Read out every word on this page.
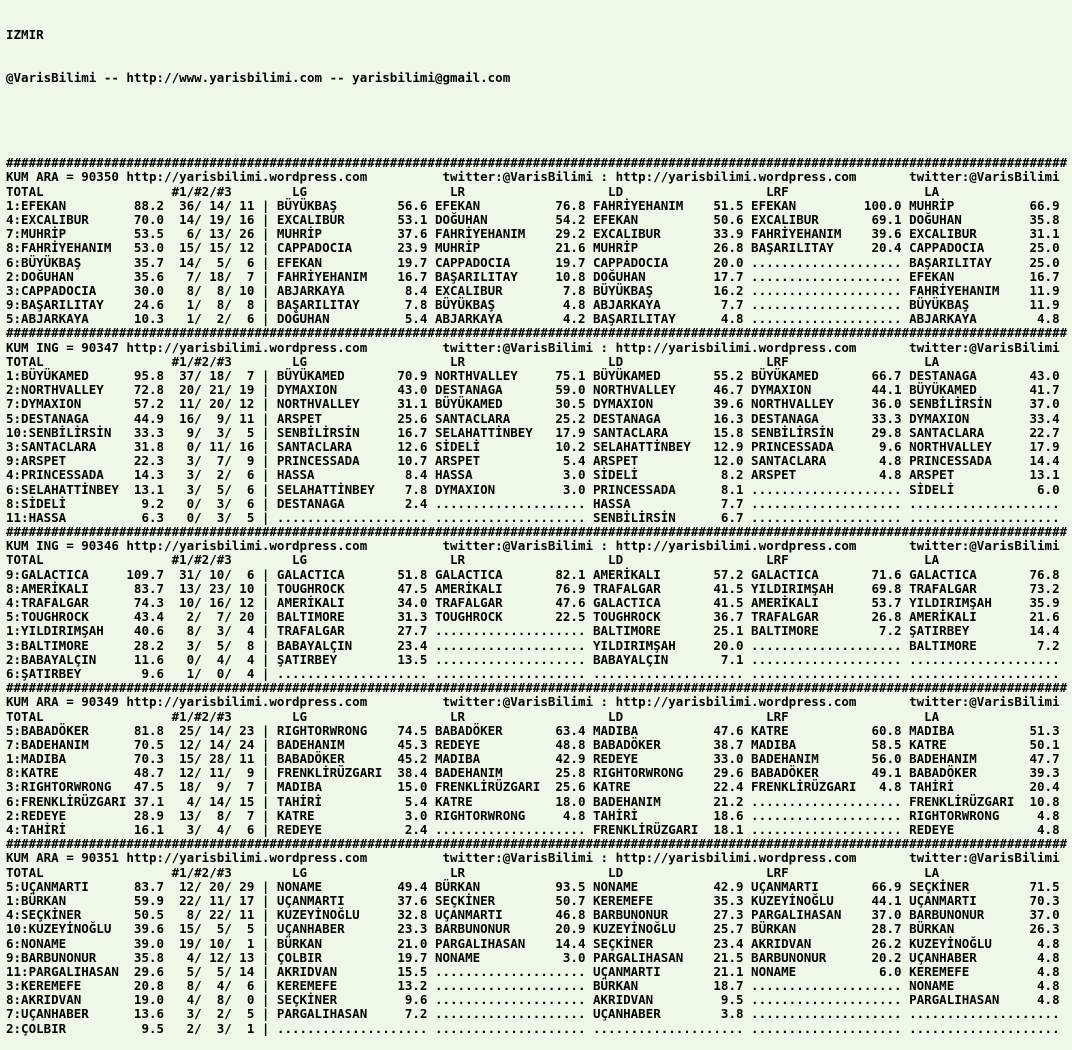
IZMIR

@VarisBilimi -- http://www.yarisbilimi.com -- yarisbilimi@gmail.com

#############################################################################################################################################
KUM ARA = 90350 http://yarisbilimi.wordpress.com          twitter:@VarisBilimi : http://yarisbilimi.wordpress.com       twitter:@VarisBilimi
TOTAL                 #1/#2/#3        LG                   LR                   LD                   LRF                  LA
1:EFEKAN         88.2  36/ 14/ 11 | BÜYÜKBAŞ        56.6 EFEKAN          76.8 FAHRİYEHANIM    51.5 EFEKAN         100.0 MUHRİP          66.9
4:EXCALIBUR      70.0  14/ 19/ 16 | EXCALIBUR       53.1 DOĞUHAN         54.2 EFEKAN          50.6 EXCALIBUR       69.1 DOĞUHAN         35.8
7:MUHRİP         53.5   6/ 13/ 26 | MUHRİP          37.6 FAHRİYEHANIM    29.2 EXCALIBUR       33.9 FAHRİYEHANIM    39.6 EXCALIBUR       31.1
8:FAHRİYEHANIM   53.0  15/ 15/ 12 | CAPPADOCIA      23.9 MUHRİP          21.6 MUHRİP          26.8 BAŞARILITAY     20.4 CAPPADOCIA      25.0
6:BÜYÜKBAŞ       35.7  14/  5/  6 | EFEKAN          19.7 CAPPADOCIA      19.7 CAPPADOCIA      20.0 .................... BAŞARILITAY     25.0
2:DOĞUHAN        35.6   7/ 18/  7 | FAHRİYEHANIM    16.7 BAŞARILITAY     10.8 DOĞUHAN         17.7 .................... EFEKAN          16.7
3:CAPPADOCIA     30.0   8/  8/ 10 | ABJARKAYA        8.4 EXCALIBUR        7.8 BÜYÜKBAŞ        16.2 .................... FAHRİYEHANIM    11.9
9:BAŞARILITAY    24.6   1/  8/  8 | BAŞARILITAY      7.8 BÜYÜKBAŞ         4.8 ABJARKAYA        7.7 .................... BÜYÜKBAŞ        11.9
5:ABJARKAYA      10.3   1/  2/  6 | DOĞUHAN          5.4 ABJARKAYA        4.2 BAŞARILITAY      4.8 .................... ABJARKAYA        4.8
#############################################################################################################################################
KUM ING = 90347 http://yarisbilimi.wordpress.com          twitter:@VarisBilimi : http://yarisbilimi.wordpress.com       twitter:@VarisBilimi
TOTAL                 #1/#2/#3        LG                   LR                   LD                   LRF                  LA
1:BÜYÜKAMED      95.8  37/ 18/  7 | BÜYÜKAMED       70.9 NORTHVALLEY     75.1 BÜYÜKAMED       55.2 BÜYÜKAMED       66.7 DESTANAGA       43.0
2:NORTHVALLEY    72.8  20/ 21/ 19 | DYMAXION        43.0 DESTANAGA       59.0 NORTHVALLEY     46.7 DYMAXION        44.1 BÜYÜKAMED       41.7
7:DYMAXION       57.2  11/ 20/ 12 | NORTHVALLEY     31.1 BÜYÜKAMED       30.5 DYMAXION        39.6 NORTHVALLEY     36.0 SENBİLİRSİN     37.0
5:DESTANAGA      44.9  16/  9/ 11 | ARSPET          25.6 SANTACLARA      25.2 DESTANAGA       16.3 DESTANAGA       33.3 DYMAXION        33.4
10:SENBİLİRSİN   33.3   9/  3/  5 | SENBİLİRSİN     16.7 SELAHATTİNBEY   17.9 SANTACLARA      15.8 SENBİLİRSİN     29.8 SANTACLARA      22.7
3:SANTACLARA     31.8   0/ 11/ 16 | SANTACLARA      12.6 SİDELİ          10.2 SELAHATTİNBEY   12.9 PRINCESSADA      9.6 NORTHVALLEY     17.9
9:ARSPET         22.3   3/  7/  9 | PRINCESSADA     10.7 ARSPET           5.4 ARSPET          12.0 SANTACLARA       4.8 PRINCESSADA     14.4
4:PRINCESSADA    14.3   3/  2/  6 | HASSA            8.4 HASSA            3.0 SİDELİ           8.2 ARSPET           4.8 ARSPET          13.1
6:SELAHATTİNBEY  13.1   3/  5/  6 | SELAHATTİNBEY    7.8 DYMAXION         3.0 PRINCESSADA      8.1 .................... SİDELİ           6.0
8:SİDELİ          9.2   0/  3/  6 | DESTANAGA        2.4 .................... HASSA            7.7 .................... ....................
11:HASSA          6.3   0/  3/  5 | .................... .................... SENBİLİRSİN      6.7 .................... ....................
#############################################################################################################################################
KUM ING = 90346 http://yarisbilimi.wordpress.com          twitter:@VarisBilimi : http://yarisbilimi.wordpress.com       twitter:@VarisBilimi
TOTAL                 #1/#2/#3        LG                   LR                   LD                   LRF                  LA
9:GALACTICA     109.7  31/ 10/  6 | GALACTICA       51.8 GALACTICA       82.1 AMERİKALI       57.2 GALACTICA       71.6 GALACTICA       76.8
8:AMERİKALI      83.7  13/ 23/ 10 | TOUGHROCK       47.5 AMERİKALI       76.9 TRAFALGAR       41.5 YILDIRIMŞAH     69.8 TRAFALGAR       73.2
4:TRAFALGAR      74.3  10/ 16/ 12 | AMERİKALI       34.0 TRAFALGAR       47.6 GALACTICA       41.5 AMERİKALI       53.7 YILDIRIMŞAH     35.9
5:TOUGHROCK      43.4   2/  7/ 20 | BALTIMORE       31.3 TOUGHROCK       22.5 TOUGHROCK       36.7 TRAFALGAR       26.8 AMERİKALI       21.6
1:YILDIRIMŞAH    40.6   8/  3/  4 | TRAFALGAR       27.7 .................... BALTIMORE       25.1 BALTIMORE        7.2 ŞATIRBEY        14.4
3:BALTIMORE      28.2   3/  5/  8 | BABAYALÇIN      23.4 .................... YILDIRIMŞAH     20.0 .................... BALTIMORE        7.2
2:BABAYALÇIN     11.6   0/  4/  4 | ŞATIRBEY        13.5 .................... BABAYALÇIN       7.1 .................... ....................
6:ŞATIRBEY        9.6   1/  0/  4 | .................... .................... .................... .................... ....................
#############################################################################################################################################
KUM ARA = 90349 http://yarisbilimi.wordpress.com          twitter:@VarisBilimi : http://yarisbilimi.wordpress.com       twitter:@VarisBilimi
TOTAL                 #1/#2/#3        LG                   LR                   LD                   LRF                  LA
5:BABADÖKER      81.8  25/ 14/ 23 | RIGHTORWRONG    74.5 BABADÖKER       63.4 MADIBA          47.6 KATRE           60.8 MADIBA          51.3
7:BADEHANIM      70.5  12/ 14/ 24 | BADEHANIM       45.3 REDEYE          48.8 BABADÖKER       38.7 MADIBA          58.5 KATRE           50.1
1:MADIBA         70.3  15/ 28/ 11 | BABADÖKER       45.2 MADIBA          42.9 REDEYE          33.0 BADEHANIM       56.0 BADEHANIM       47.7
8:KATRE          48.7  12/ 11/  9 | FRENKLİRÜZGARI  38.4 BADEHANIM       25.8 RIGHTORWRONG    29.6 BABADÖKER       49.1 BABADÖKER       39.3
3:RIGHTORWRONG   47.5  18/  9/  7 | MADIBA          15.0 FRENKLİRÜZGARI  25.6 KATRE           22.4 FRENKLİRÜZGARI   4.8 TAHİRİ          20.4
6:FRENKLİRÜZGARI 37.1   4/ 14/ 15 | TAHİRİ           5.4 KATRE           18.0 BADEHANIM       21.2 .................... FRENKLİRÜZGARI  10.8
2:REDEYE         28.9  13/  8/  7 | KATRE            3.0 RIGHTORWRONG     4.8 TAHİRİ          18.6 .................... RIGHTORWRONG     4.8
4:TAHİRİ         16.1   3/  4/  6 | REDEYE           2.4 .................... FRENKLİRÜZGARI  18.1 .................... REDEYE           4.8
#############################################################################################################################################
KUM ARA = 90351 http://yarisbilimi.wordpress.com          twitter:@VarisBilimi : http://yarisbilimi.wordpress.com       twitter:@VarisBilimi
TOTAL                 #1/#2/#3        LG                   LR                   LD                   LRF                  LA
5:UÇANMARTI      83.7  12/ 20/ 29 | NONAME          49.4 BÜRKAN          93.5 NONAME          42.9 UÇANMARTI       66.9 SEÇKİNER        71.5
1:BÜRKAN         59.9  22/ 11/ 17 | UÇANMARTI       37.6 SEÇKİNER        50.7 KEREMEFE        35.3 KUZEYİNOĞLU     44.1 UÇANMARTI       70.3
4:SEÇKİNER       50.5   8/ 22/ 11 | KUZEYİNOĞLU     32.8 UÇANMARTI       46.8 BARBUNONUR      27.3 PARGALIHASAN    37.0 BARBUNONUR      37.0
10:KUZEYİNOĞLU   39.6  15/  5/  5 | UÇANHABER       23.3 BARBUNONUR      20.9 KUZEYİNOĞLU     25.7 BÜRKAN          28.7 BÜRKAN          26.3
6:NONAME         39.0  19/ 10/  1 | BÜRKAN          21.0 PARGALIHASAN    14.4 SEÇKİNER        23.4 AKRIDVAN        26.2 KUZEYİNOĞLU      4.8
9:BARBUNONUR     35.8   4/ 12/ 13 | ÇOLBIR          19.7 NONAME           3.0 PARGALIHASAN    21.5 BARBUNONUR      20.2 UÇANHABER        4.8
11:PARGALIHASAN  29.6   5/  5/ 14 | AKRIDVAN        15.5 .................... UÇANMARTI       21.1 NONAME           6.0 KEREMEFE         4.8
3:KEREMEFE       20.8   8/  4/  6 | KEREMEFE        13.2 .................... BÜRKAN          18.7 .................... NONAME           4.8
8:AKRIDVAN       19.0   4/  8/  0 | SEÇKİNER         9.6 .................... AKRIDVAN         9.5 .................... PARGALIHASAN     4.8
7:UÇANHABER      13.6   3/  2/  5 | PARGALIHASAN     7.2 .................... UÇANHABER        3.8 .................... ....................
2:ÇOLBIR          9.5   2/  3/  1 | .................... .................... .................... .................... ....................
